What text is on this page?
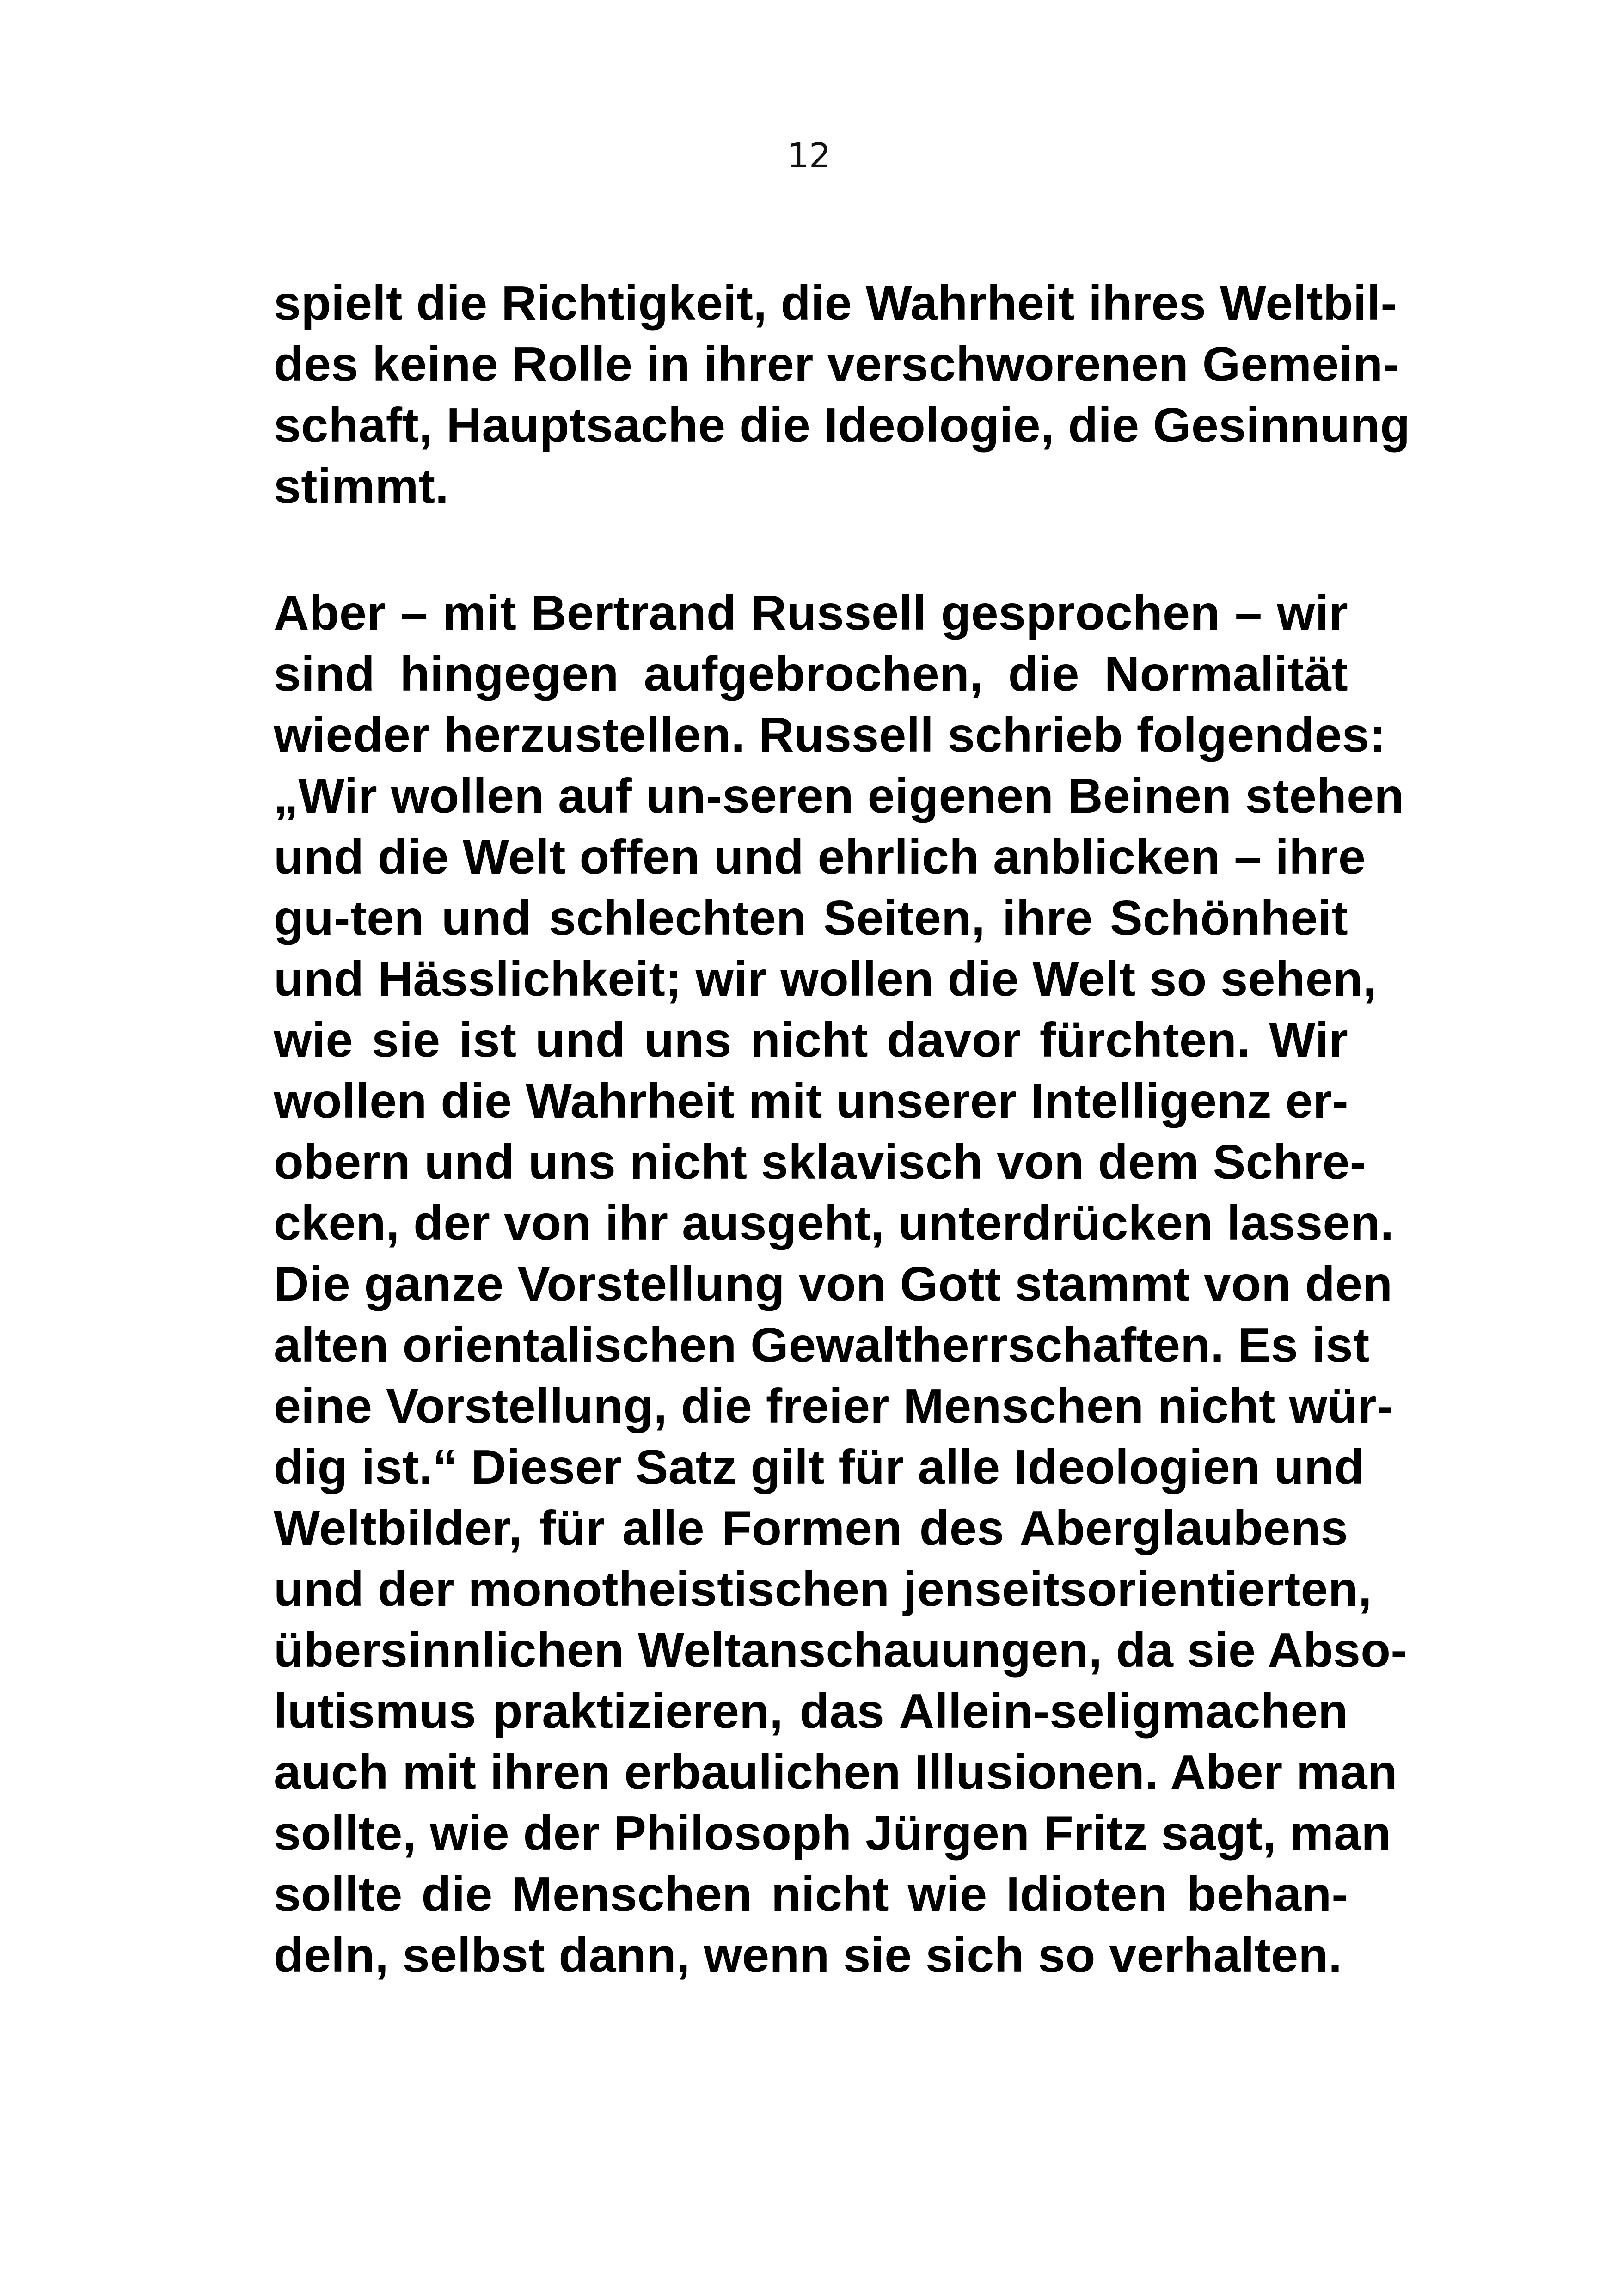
12

spielt die Richtigkeit, die Wahrheit ihres Weltbil-
des keine Rolle in ihrer verschworenen Gemein-
schaft, Hauptsache die Ideologie, die Gesinnung
stimmt.

Aber – mit Bertrand Russell gesprochen – wir
sind hingegen aufgebrochen, die Normalität
wieder herzustellen. Russell schrieb folgendes:
„Wir wollen auf un-seren eigenen Beinen stehen
und die Welt offen und ehrlich anblicken – ihre
gu-ten und schlechten Seiten, ihre Schönheit
und Hässlichkeit; wir wollen die Welt so sehen,
wie sie ist und uns nicht davor fürchten. Wir
wollen die Wahrheit mit unserer Intelligenz er-
obern und uns nicht sklavisch von dem Schre-
cken, der von ihr ausgeht, unterdrücken lassen.
Die ganze Vorstellung von Gott stammt von den
alten orientalischen Gewaltherrschaften. Es ist
eine Vorstellung, die freier Menschen nicht wür-
dig ist.“ Dieser Satz gilt für alle Ideologien und
Weltbilder, für alle Formen des Aberglaubens
und der monotheistischen jenseitsorientierten,
übersinnlichen Weltanschauungen, da sie Abso-
lutismus praktizieren, das Allein-seligmachen
auch mit ihren erbaulichen Illusionen. Aber man
sollte, wie der Philosoph Jürgen Fritz sagt, man
sollte die Menschen nicht wie Idioten behan-
deln, selbst dann, wenn sie sich so verhalten.
